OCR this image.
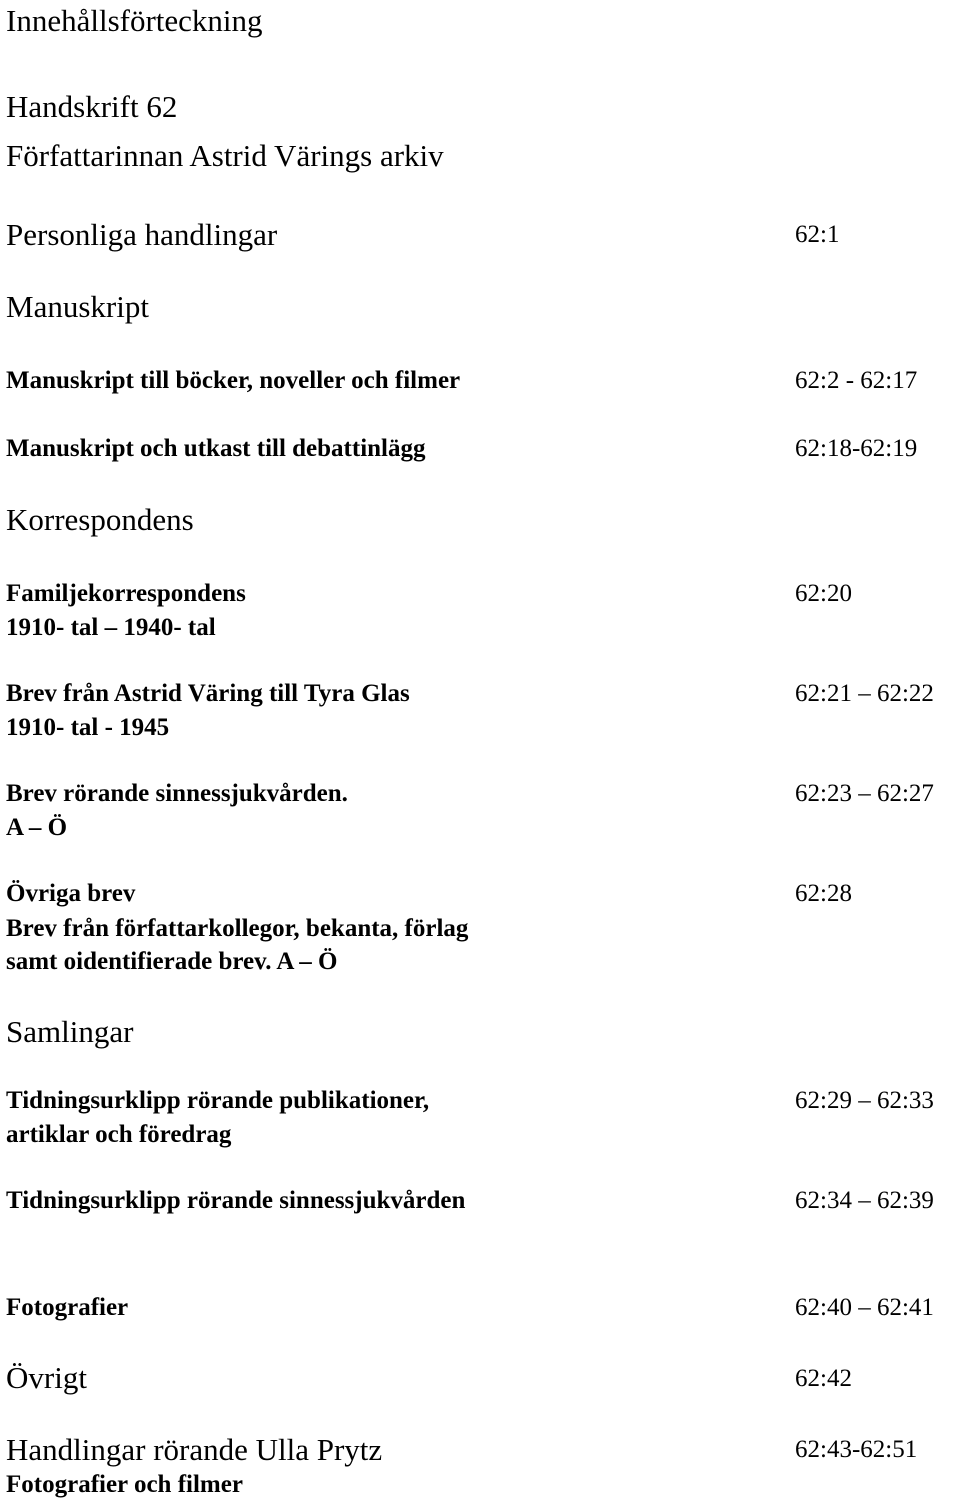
Innehållsförteckning
Handskrift 62
Författarinnan Astrid Värings arkiv
Personliga handlingar	62:1
Manuskript
Manuskript till böcker, noveller och filmer	62:2 - 62:17
Manuskript och utkast till debattinlägg	62:18-62:19
Korrespondens
Familjekorrespondens	62:20
1910- tal – 1940- tal
Brev från Astrid Väring till Tyra Glas	62:21 – 62:22
1910- tal - 1945
Brev rörande sinnessjukvården.	62:23 – 62:27
A – Ö
Övriga brev	62:28
Brev från författarkollegor, bekanta, förlag
samt oidentifierade brev. A – Ö
Samlingar
Tidningsurklipp rörande publikationer,	62:29 – 62:33
artiklar och föredrag
Tidningsurklipp rörande sinnessjukvården	62:34 – 62:39
Fotografier	62:40 – 62:41
Övrigt	62:42
Handlingar rörande Ulla Prytz	62:43-62:51
Fotografier och filmer
